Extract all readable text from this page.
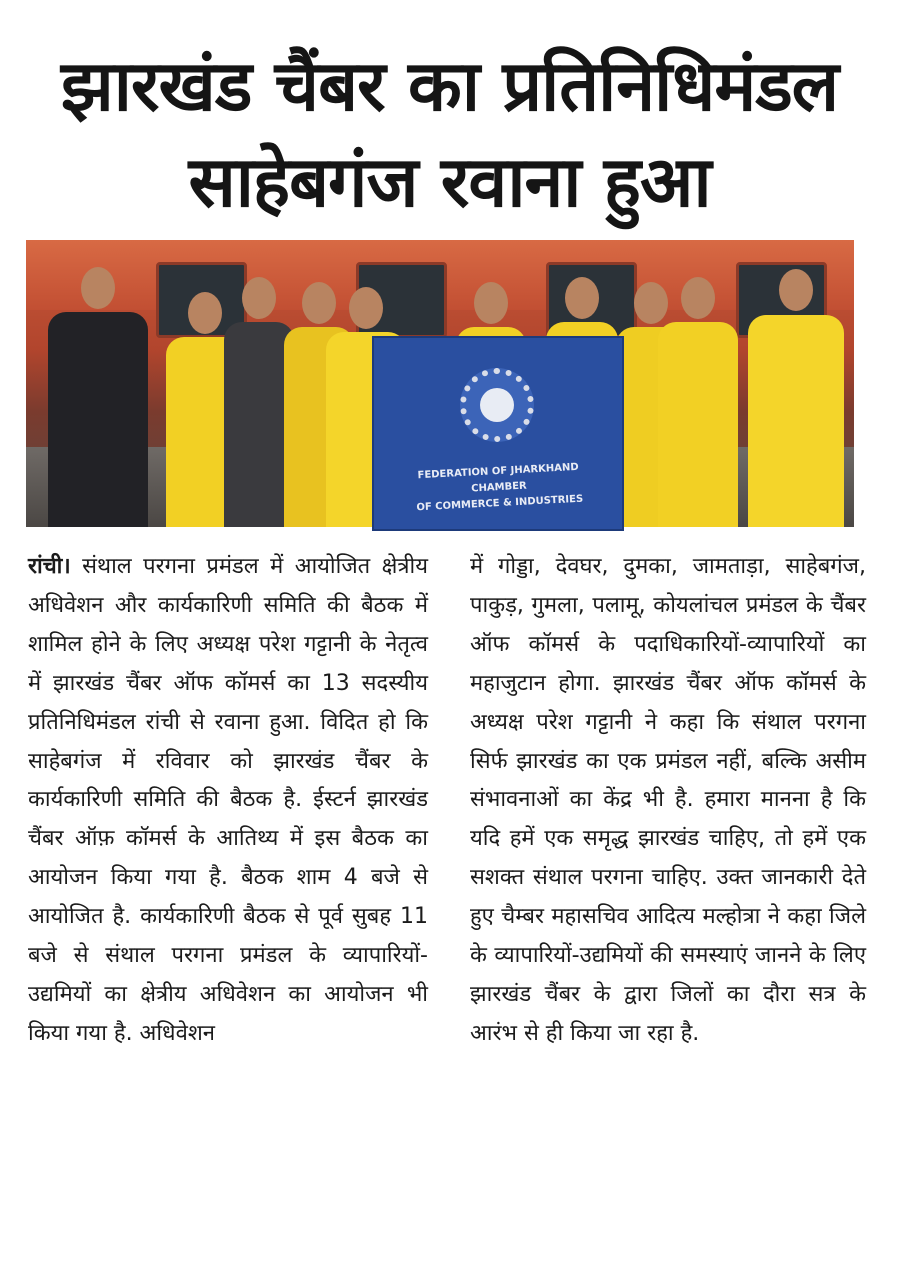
झारखंड चैंबर का प्रतिनिधिमंडल
साहेबगंज रवाना हुआ
FEDERATION OF JHARKHAND CHAMBER
OF COMMERCE & INDUSTRIES
रांची। संथाल परगना प्रमंडल में आयोजित क्षेत्रीय अधिवेशन और कार्यकारिणी समिति की बैठक में शामिल होने के लिए अध्यक्ष परेश गट्टानी के नेतृत्व में झारखंड चैंबर ऑफ कॉमर्स का 13 सदस्यीय प्रतिनिधिमंडल रांची से रवाना हुआ. विदित हो कि साहेबगंज में रविवार को झारखंड चैंबर के कार्यकारिणी समिति की बैठक है. ईस्टर्न झारखंड चैंबर ऑफ़ कॉमर्स के आतिथ्य में इस बैठक का आयोजन किया गया है. बैठक शाम 4 बजे से आयोजित है. कार्यकारिणी बैठक से पूर्व सुबह 11 बजे से संथाल परगना प्रमंडल के व्यापारियों-उद्यमियों का क्षेत्रीय अधिवेशन का आयोजन भी किया गया है. अधिवेशन
में गोड्डा, देवघर, दुमका, जामताड़ा, साहेबगंज, पाकुड़, गुमला, पलामू, कोयलांचल प्रमंडल के चैंबर ऑफ कॉमर्स के पदाधिकारियों-व्यापारियों का महाजुटान होगा. झारखंड चैंबर ऑफ कॉमर्स के अध्यक्ष परेश गट्टानी ने कहा कि संथाल परगना सिर्फ झारखंड का एक प्रमंडल नहीं, बल्कि असीम संभावनाओं का केंद्र भी है. हमारा मानना है कि यदि हमें एक समृद्ध झारखंड चाहिए, तो हमें एक सशक्त संथाल परगना चाहिए. उक्त जानकारी देते हुए चैम्बर महासचिव आदित्य मल्होत्रा ने कहा जिले के व्यापारियों-उद्यमियों की समस्याएं जानने के लिए झारखंड चैंबर के द्वारा जिलों का दौरा सत्र के आरंभ से ही किया जा रहा है.
